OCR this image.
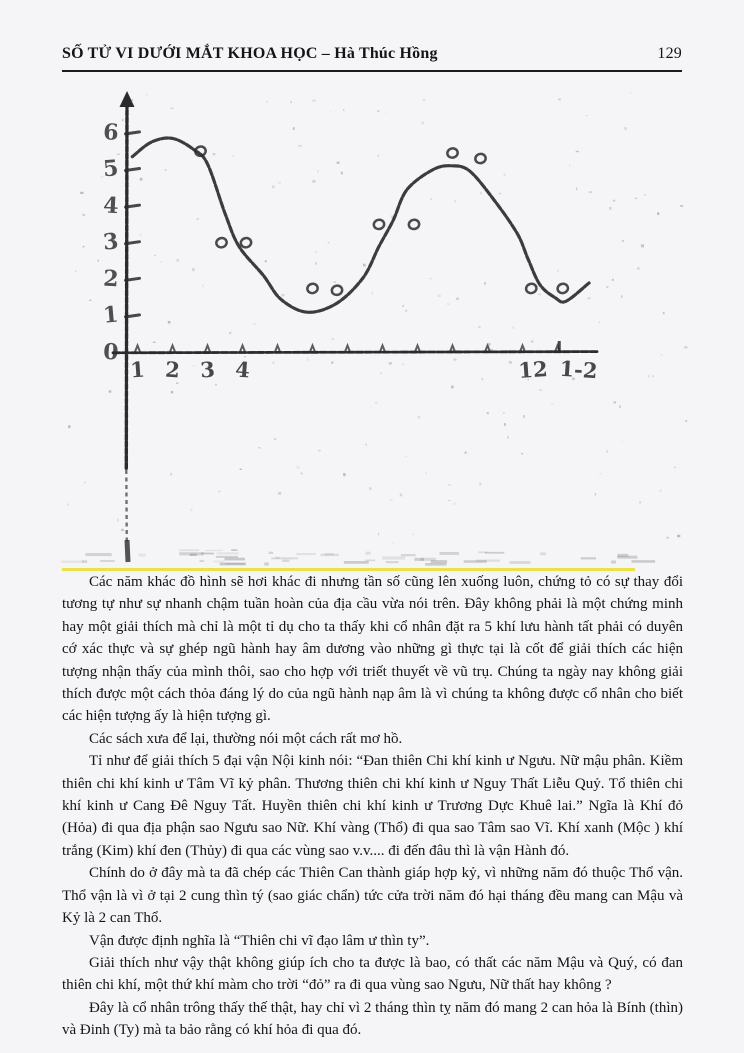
SỐ TỬ VI DƯỚI MẮT KHOA HỌC – Hà Thúc Hồng	129
6
5
4
3
2
1
0
1 2 3 4	12 1-2

Các năm khác đồ hình sẽ hơi khác đi nhưng tần số cũng lên xuống luôn, chứng tỏ có sự thay đổi tương tự như sự nhanh chậm tuần hoàn của địa cầu vừa nói trên. Đây không phải là một chứng minh hay một giải thích mà chỉ là một tỉ dụ cho ta thấy khi cổ nhân đặt ra 5 khí lưu hành tất phải có duyên cớ xác thực và sự ghép ngũ hành hay âm dương vào những gì thực tại là cốt để giải thích các hiện tượng nhận thấy của mình thôi, sao cho hợp với triết thuyết về vũ trụ. Chúng ta ngày nay không giải thích được một cách thỏa đáng lý do của ngũ hành nạp âm là vì chúng ta không được cổ nhân cho biết các hiện tượng ấy là hiện tượng gì.

Các sách xưa để lại, thường nói một cách rất mơ hồ.

Tỉ như để giải thích 5 đại vận Nội kinh nói: “Đan thiên Chi khí kinh ư Ngưu. Nữ mậu phân. Kiềm thiên chi khí kinh ư Tâm Vĩ kỷ phân. Thương thiên chi khí kinh ư Nguy Thất Liễu Quỷ. Tổ thiên chi khí kinh ư Cang Đê Nguy Tất. Huyền thiên chi khí kinh ư Trương Dực Khuê lai.” Ngĩa là Khí đỏ (Hỏa) đi qua địa phận sao Ngưu sao Nữ. Khí vàng (Thổ) đi qua sao Tâm sao Vĩ. Khí xanh (Mộc ) khí trắng (Kim) khí đen (Thủy) đi qua các vùng sao v.v.... đi đến đâu thì là vận Hành đó.

Chính do ở đây mà ta đã chép các Thiên Can thành giáp hợp kỷ, vì những năm đó thuộc Thổ vận. Thổ vận là vì ở tại 2 cung thìn tý (sao giác chẩn) tức cửa trời năm đó hại tháng đều mang can Mậu và Kỷ là 2 can Thổ.

Vận được định nghĩa là “Thiên chi vĩ đạo lâm ư thìn ty”.

Giải thích như vậy thật không giúp ích cho ta được là bao, có thất các năm Mậu và Quý, có đan thiên chi khí, một thứ khí màm cho trời “đỏ” ra đi qua vùng sao Ngưu, Nữ thất hay không ?

Đây là cổ nhân trông thấy thế thật, hay chỉ vì 2 tháng thìn tỵ năm đó mang 2 can hỏa là Bính (thìn) và Đinh (Ty) mà ta bảo rằng có khí hỏa đi qua đó.
